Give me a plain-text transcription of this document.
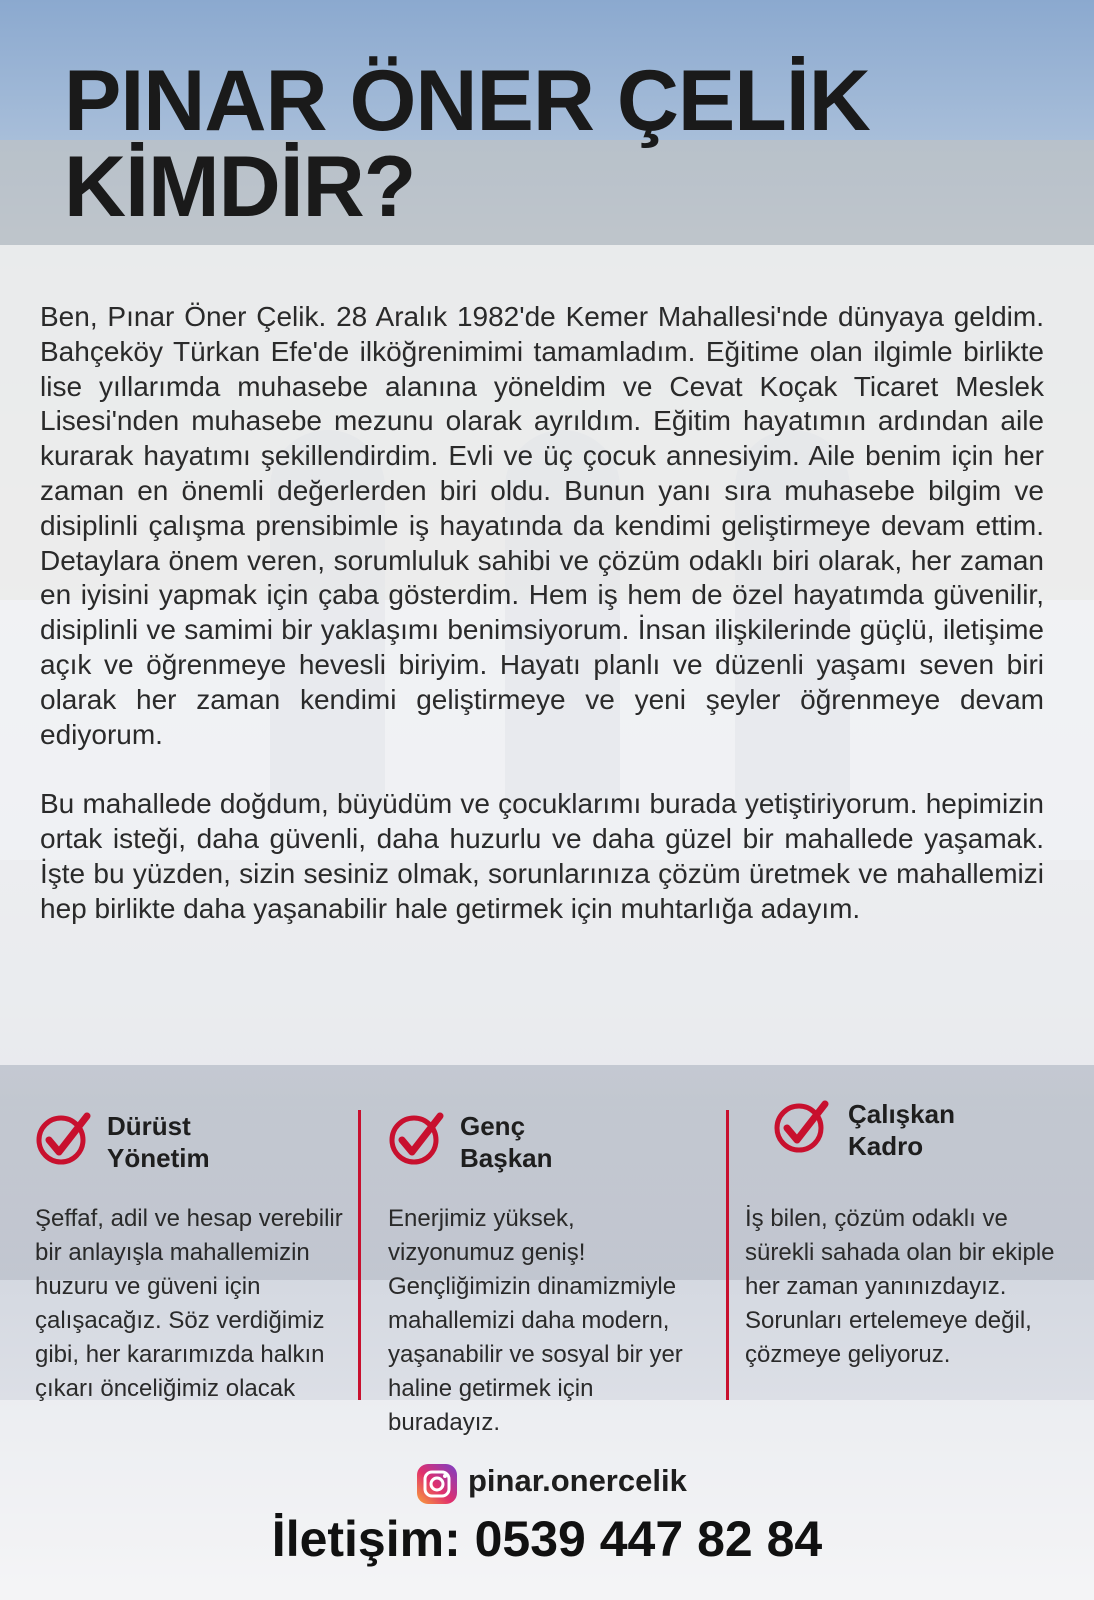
PINAR ÖNER ÇELİK KİMDİR?

Ben, Pınar Öner Çelik. 28 Aralık 1982'de Kemer Mahallesi'nde dünyaya geldim. Bahçeköy Türkan Efe'de ilköğrenimimi tamamladım. Eğitime olan ilgimle birlikte lise yıllarımda muhasebe alanına yöneldim ve Cevat Koçak Ticaret Meslek Lisesi'nden muhasebe mezunu olarak ayrıldım. Eğitim hayatımın ardından aile kurarak hayatımı şekillendirdim. Evli ve üç çocuk annesiyim. Aile benim için her zaman en önemli değerlerden biri oldu. Bunun yanı sıra muhasebe bilgim ve disiplinli çalışma prensibimle iş hayatında da kendimi geliştirmeye devam ettim. Detaylara önem veren, sorumluluk sahibi ve çözüm odaklı biri olarak, her zaman en iyisini yapmak için çaba gösterdim. Hem iş hem de özel hayatımda güvenilir, disiplinli ve samimi bir yaklaşımı benimsiyorum. İnsan ilişkilerinde güçlü, iletişime açık ve öğrenmeye hevesli biriyim. Hayatı planlı ve düzenli yaşamı seven biri olarak her zaman kendimi geliştirmeye ve yeni şeyler öğrenmeye devam ediyorum.

Bu mahallede doğdum, büyüdüm ve çocuklarımı burada yetiştiriyorum. hepimizin ortak isteği, daha güvenli, daha huzurlu ve daha güzel bir mahallede yaşamak. İşte bu yüzden, sizin sesiniz olmak, sorunlarınıza çözüm üretmek ve mahallemizi hep birlikte daha yaşanabilir hale getirmek için muhtarlığa adayım.

Dürüst
Yönetim
Şeffaf, adil ve hesap verebilir bir anlayışla mahallemizin huzuru ve güveni için çalışacağız. Söz verdiğimiz gibi, her kararımızda halkın çıkarı önceliğimiz olacak
Genç
Başkan
Enerjimiz yüksek, vizyonumuz geniş! Gençliğimizin dinamizmiyle mahallemizi daha modern, yaşanabilir ve sosyal bir yer haline getirmek için buradayız.
Çalışkan
Kadro
İş bilen, çözüm odaklı ve sürekli sahada olan bir ekiple her zaman yanınızdayız. Sorunları ertelemeye değil, çözmeye geliyoruz.
pinar.onercelik
İletişim: 0539 447 82 84
